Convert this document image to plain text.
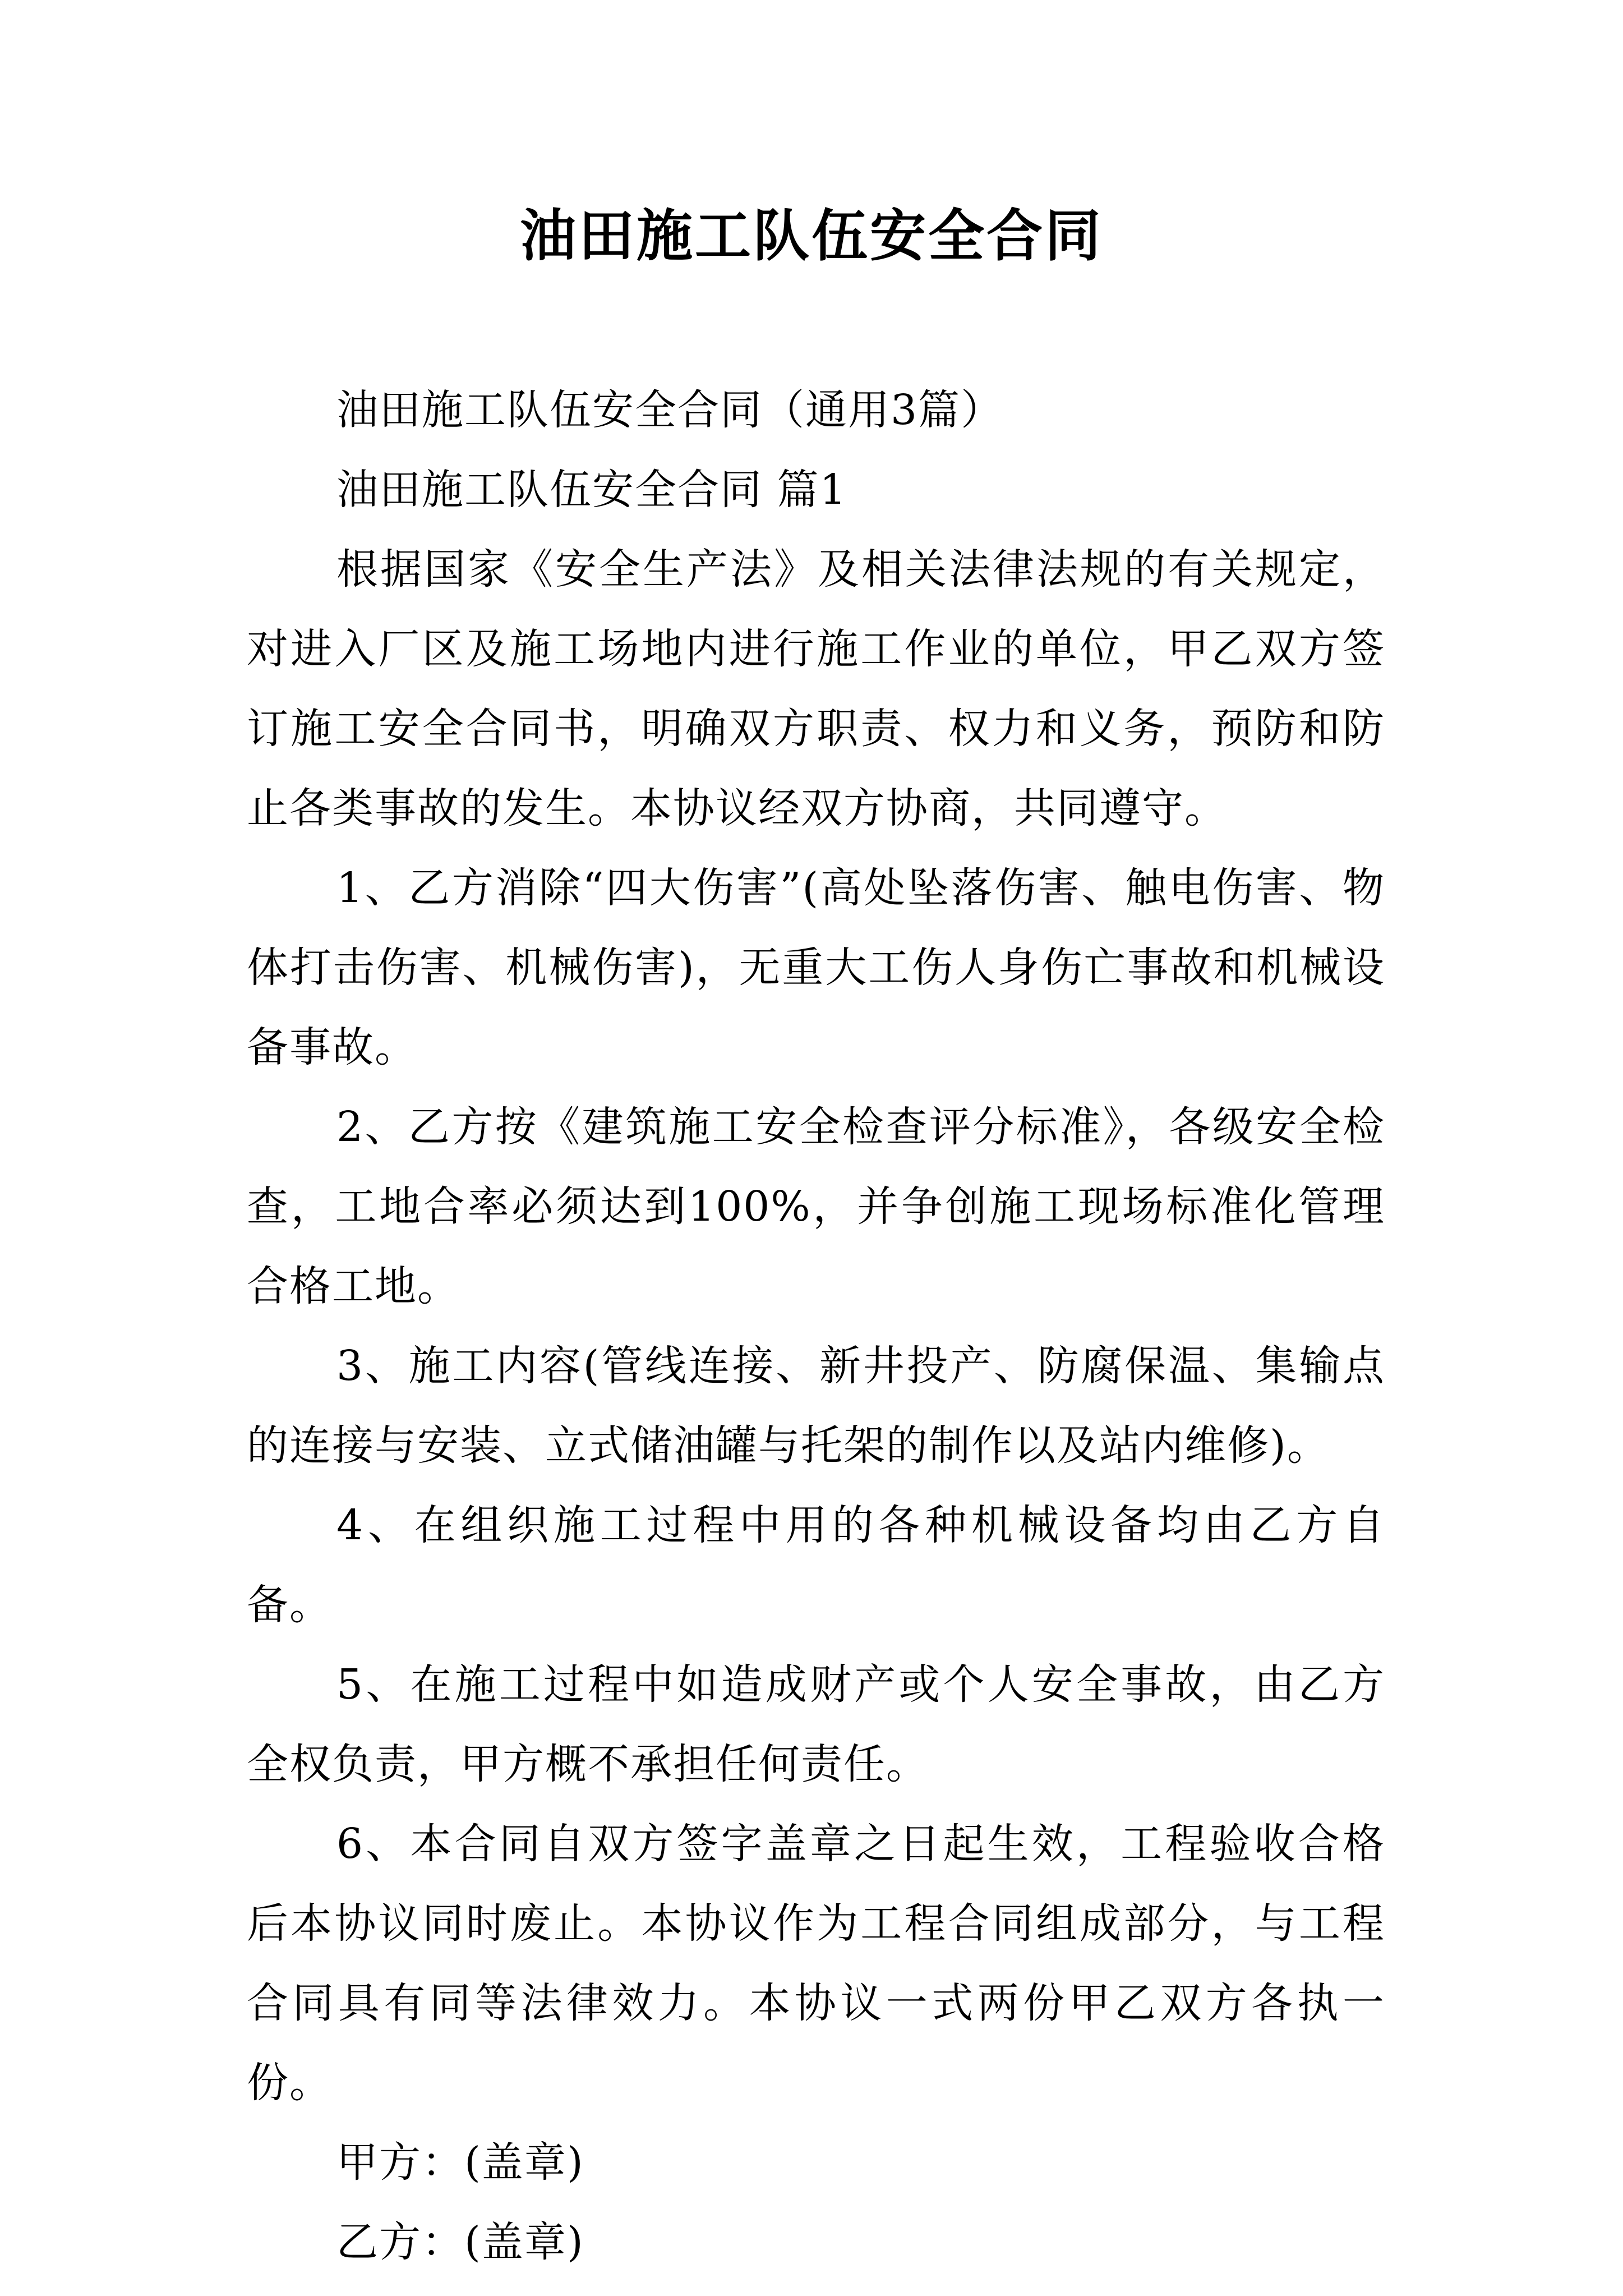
油田施工队伍安全合同

油田施工队伍安全合同（通用3篇）

油田施工队伍安全合同 篇1

根据国家《安全生产法》及相关法律法规的有关规定，对进入厂区及施工场地内进行施工作业的单位，甲乙双方签订施工安全合同书，明确双方职责、权力和义务，预防和防止各类事故的发生。本协议经双方协商，共同遵守。

1、乙方消除“四大伤害”(高处坠落伤害、触电伤害、物体打击伤害、机械伤害)，无重大工伤人身伤亡事故和机械设备事故。

2、乙方按《建筑施工安全检查评分标准》，各级安全检查，工地合率必须达到100%，并争创施工现场标准化管理合格工地。

3、施工内容(管线连接、新井投产、防腐保温、集输点的连接与安装、立式储油罐与托架的制作以及站内维修)。

4、在组织施工过程中用的各种机械设备均由乙方自备。

5、在施工过程中如造成财产或个人安全事故，由乙方全权负责，甲方概不承担任何责任。

6、本合同自双方签字盖章之日起生效，工程验收合格后本协议同时废止。本协议作为工程合同组成部分，与工程合同具有同等法律效力。本协议一式两份甲乙双方各执一份。

甲方：(盖章)

乙方：(盖章)
